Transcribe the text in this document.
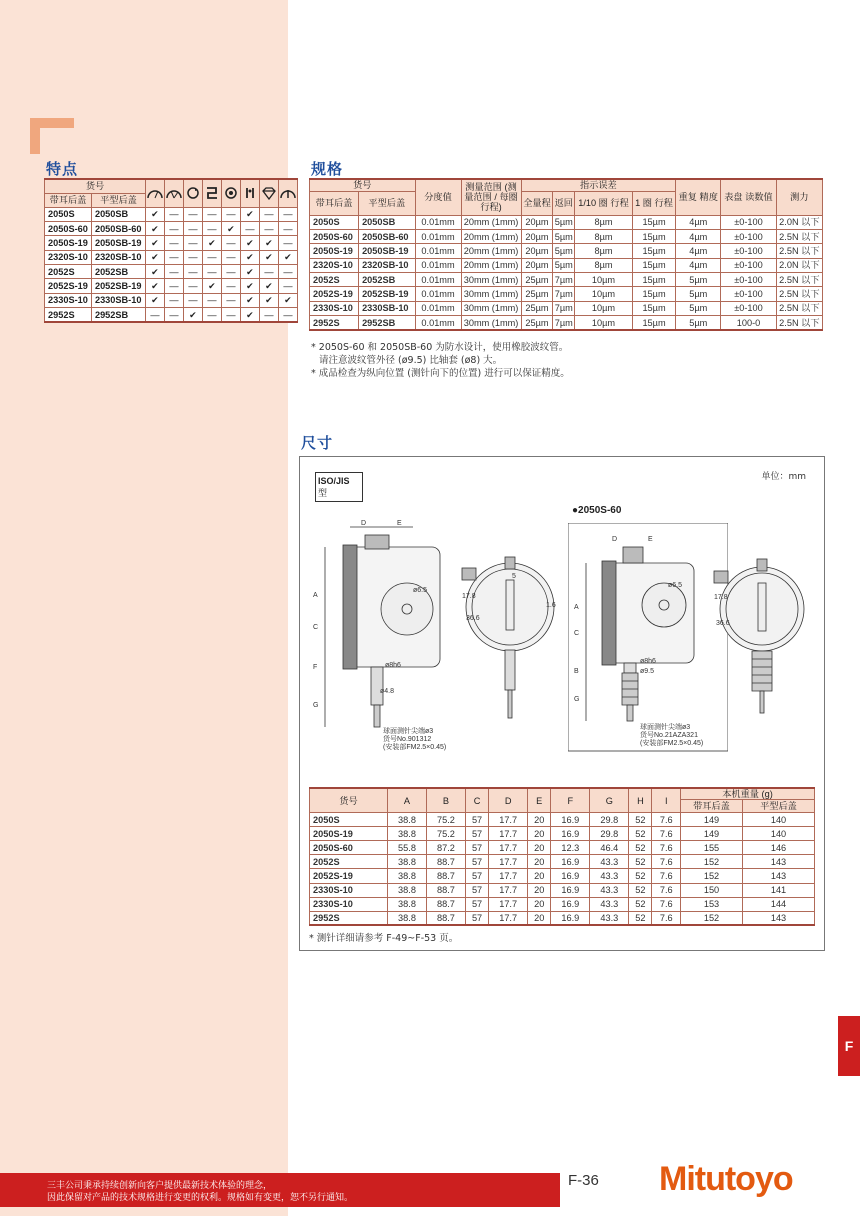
特点
货号	

带耳后盖	平型后盖								
2050S	2050SB	✔	—	—	—	—	✔	—	—
2050S-60	2050SB-60	✔	—	—	—	✔	—	—	—
2050S-19	2050SB-19	✔	—	—	✔	—	✔	✔	—
2320S-10	2320SB-10	✔	—	—	—	—	✔	✔	✔
2052S	2052SB	✔	—	—	—	—	✔	—	—
2052S-19	2052SB-19	✔	—	—	✔	—	✔	✔	—
2330S-10	2330SB-10	✔	—	—	—	—	✔	✔	✔
2952S	2952SB	—	—	✔	—	—	✔	—	—
规格
货号		分度值	测量范围 (测量范围 / 每圈行程)	指示误差				重复 精度	表盘 读数值	测力
带耳后盖	平型后盖			全量程	返回	1/10 圈 行程	1 圈 行程			
2050S	2050SB	0.01mm	20mm (1mm)	20µm	5µm	8µm	15µm	4µm	±0-100	2.0N 以下
2050S-60	2050SB-60	0.01mm	20mm (1mm)	20µm	5µm	8µm	15µm	4µm	±0-100	2.5N 以下
2050S-19	2050SB-19	0.01mm	20mm (1mm)	20µm	5µm	8µm	15µm	4µm	±0-100	2.5N 以下
2320S-10	2320SB-10	0.01mm	20mm (1mm)	20µm	5µm	8µm	15µm	4µm	±0-100	2.0N 以下
2052S	2052SB	0.01mm	30mm (1mm)	25µm	7µm	10µm	15µm	5µm	±0-100	2.5N 以下
2052S-19	2052SB-19	0.01mm	30mm (1mm)	25µm	7µm	10µm	15µm	5µm	±0-100	2.5N 以下
2330S-10	2330SB-10	0.01mm	30mm (1mm)	25µm	7µm	10µm	15µm	5µm	±0-100	2.5N 以下
2952S	2952SB	0.01mm	30mm (1mm)	25µm	7µm	10µm	15µm	5µm	100-0	2.5N 以下
* 2050S-60 和 2050SB-60 为防水设计，使用橡胶波纹管。
请注意波纹管外径 (ø9.5) 比轴套 (ø8) 大。
* 成品检查为纵向位置 (测针向下的位置) 进行可以保证精度。
尺寸
单位：mm
ISO/JIS
型
●2050S-60
D	E
A
C
F
G
ø6.5
ø8h6
ø4.8
球面测针尖端ø3
货号No.901312
(安装部FM2.5×0.45)
17.8
36.6
5
1.6
D	E
A
C
B
G
ø6.5
ø8h6
ø9.5
球面测针尖端ø3
货号No.21AZA321
(安装部FM2.5×0.45)
17.8
36.6
货号	A	B	C	D	E	F	G	H	I	本机重量 (g)	
										带耳后盖	平型后盖
2050S	38.8	75.2	57	17.7	20	16.9	29.8	52	7.6	149	140
2050S-19	38.8	75.2	57	17.7	20	16.9	29.8	52	7.6	149	140
2050S-60	55.8	87.2	57	17.7	20	12.3	46.4	52	7.6	155	146
2052S	38.8	88.7	57	17.7	20	16.9	43.3	52	7.6	152	143
2052S-19	38.8	88.7	57	17.7	20	16.9	43.3	52	7.6	152	143
2330S-10	38.8	88.7	57	17.7	20	16.9	43.3	52	7.6	150	141
2330S-10	38.8	88.7	57	17.7	20	16.9	43.3	52	7.6	153	144
2952S	38.8	88.7	57	17.7	20	16.9	43.3	52	7.6	152	143
* 测针详细请参考 F-49~F-53 页。
F
三丰公司秉承持续创新向客户提供最新技术体验的理念，
因此保留对产品的技术规格进行变更的权利。规格如有变更，恕不另行通知。
F-36 Mitutoyo
